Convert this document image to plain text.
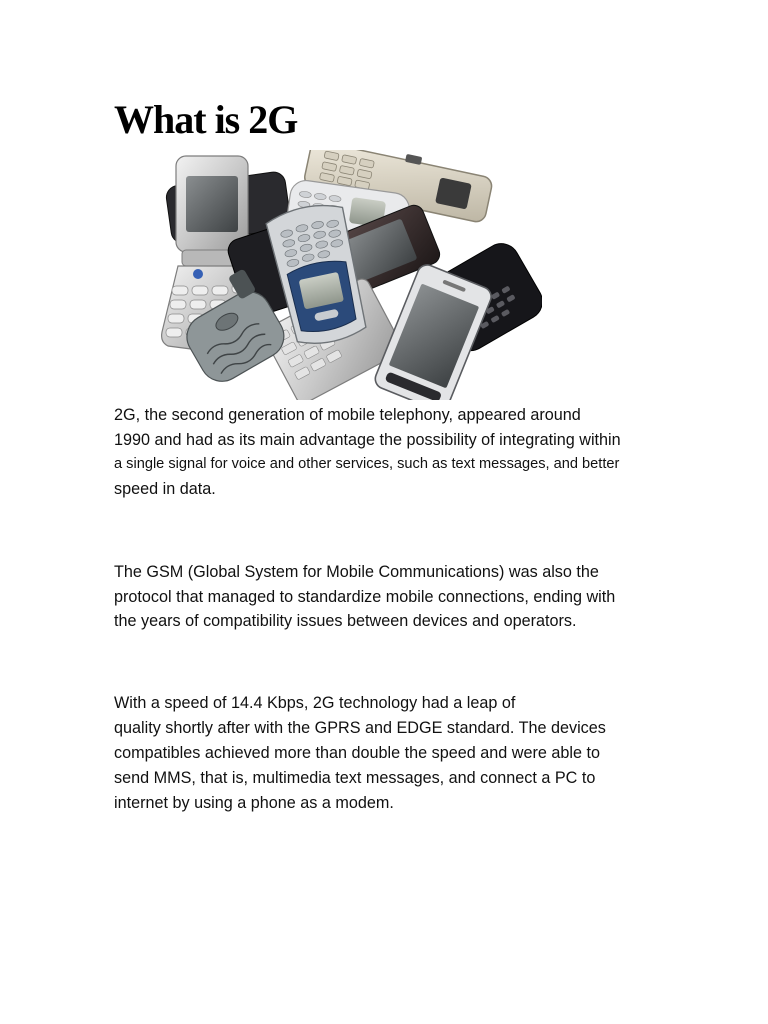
What is 2G
2G, the second generation of mobile telephony, appeared around
1990 and had as its main advantage the possibility of integrating within
a single signal for voice and other services, such as text messages, and better
speed in data.
The GSM (Global System for Mobile Communications) was also the
protocol that managed to standardize mobile connections, ending with
the years of compatibility issues between devices and operators.
With a speed of 14.4 Kbps, 2G technology had a leap of
quality shortly after with the GPRS and EDGE standard. The devices
compatibles achieved more than double the speed and were able to
send MMS, that is, multimedia text messages, and connect a PC to
internet by using a phone as a modem.
